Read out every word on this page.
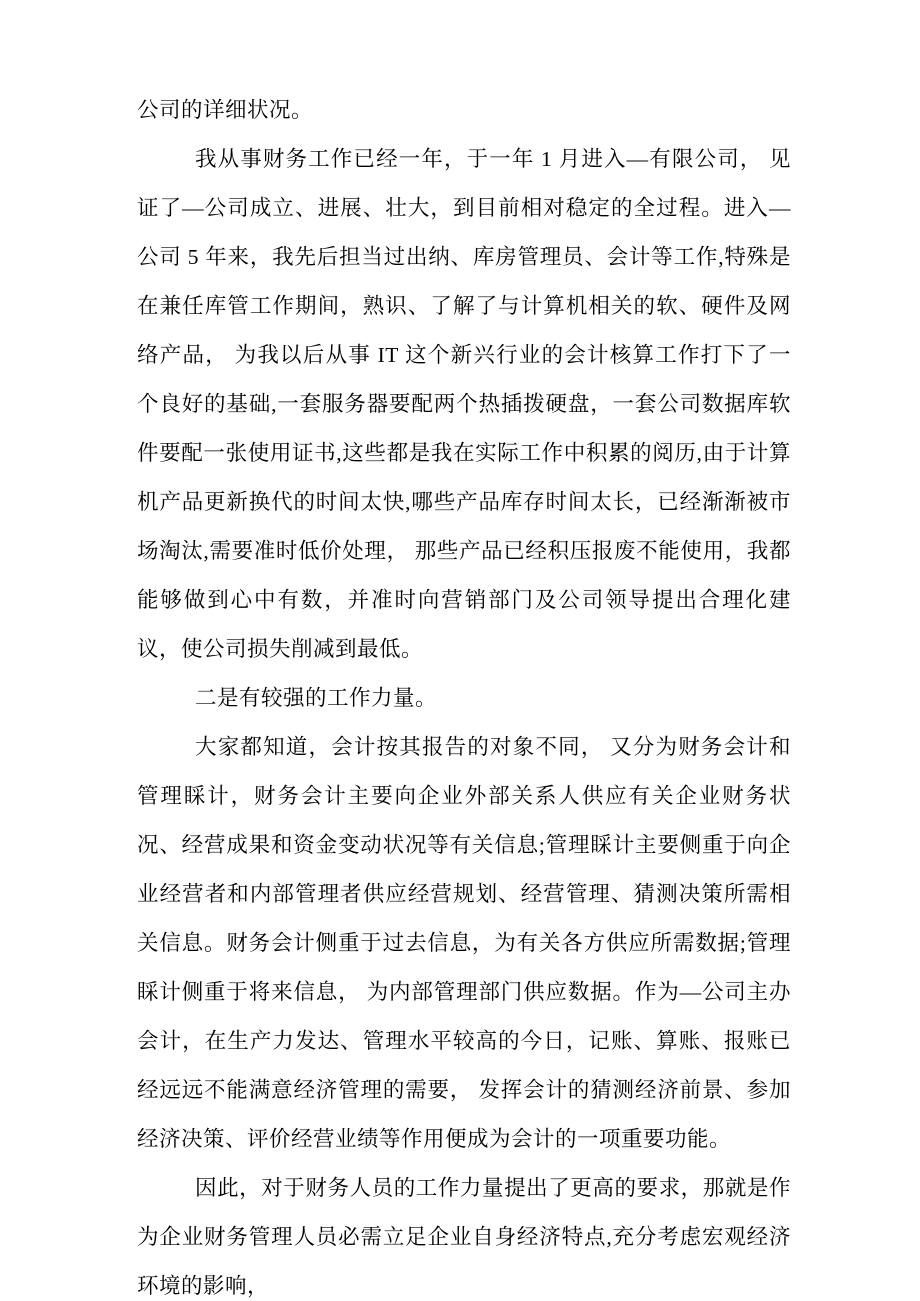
公司的详细状况。

我从事财务工作已经一年，于一年 1 月进入—有限公司， 见证了—公司成立、进展、壮大，到目前相对稳定的全过程。进入—公司 5 年来，我先后担当过出纳、库房管理员、会计等工作,特殊是在兼任库管工作期间，熟识、了解了与计算机相关的软、硬件及网络产品， 为我以后从事 IT 这个新兴行业的会计核算工作打下了一个良好的基础,一套服务器要配两个热插拨硬盘，一套公司数据库软件要配一张使用证书,这些都是我在实际工作中积累的阅历,由于计算机产品更新换代的时间太快,哪些产品库存时间太长，已经渐渐被市场淘汰,需要准时低价处理， 那些产品已经积压报废不能使用，我都能够做到心中有数，并准时向营销部门及公司领导提出合理化建议，使公司损失削减到最低。

二是有较强的工作力量。

大家都知道，会计按其报告的对象不同， 又分为财务会计和管理睬计，财务会计主要向企业外部关系人供应有关企业财务状况、经营成果和资金变动状况等有关信息;管理睬计主要侧重于向企业经营者和内部管理者供应经营规划、经营管理、猜测决策所需相关信息。财务会计侧重于过去信息，为有关各方供应所需数据;管理睬计侧重于将来信息， 为内部管理部门供应数据。作为—公司主办会计，在生产力发达、管理水平较高的今日，记账、算账、报账已经远远不能满意经济管理的需要， 发挥会计的猜测经济前景、参加经济决策、评价经营业绩等作用便成为会计的一项重要功能。

因此，对于财务人员的工作力量提出了更高的要求，那就是作为企业财务管理人员必需立足企业自身经济特点,充分考虑宏观经济环境的影响，
